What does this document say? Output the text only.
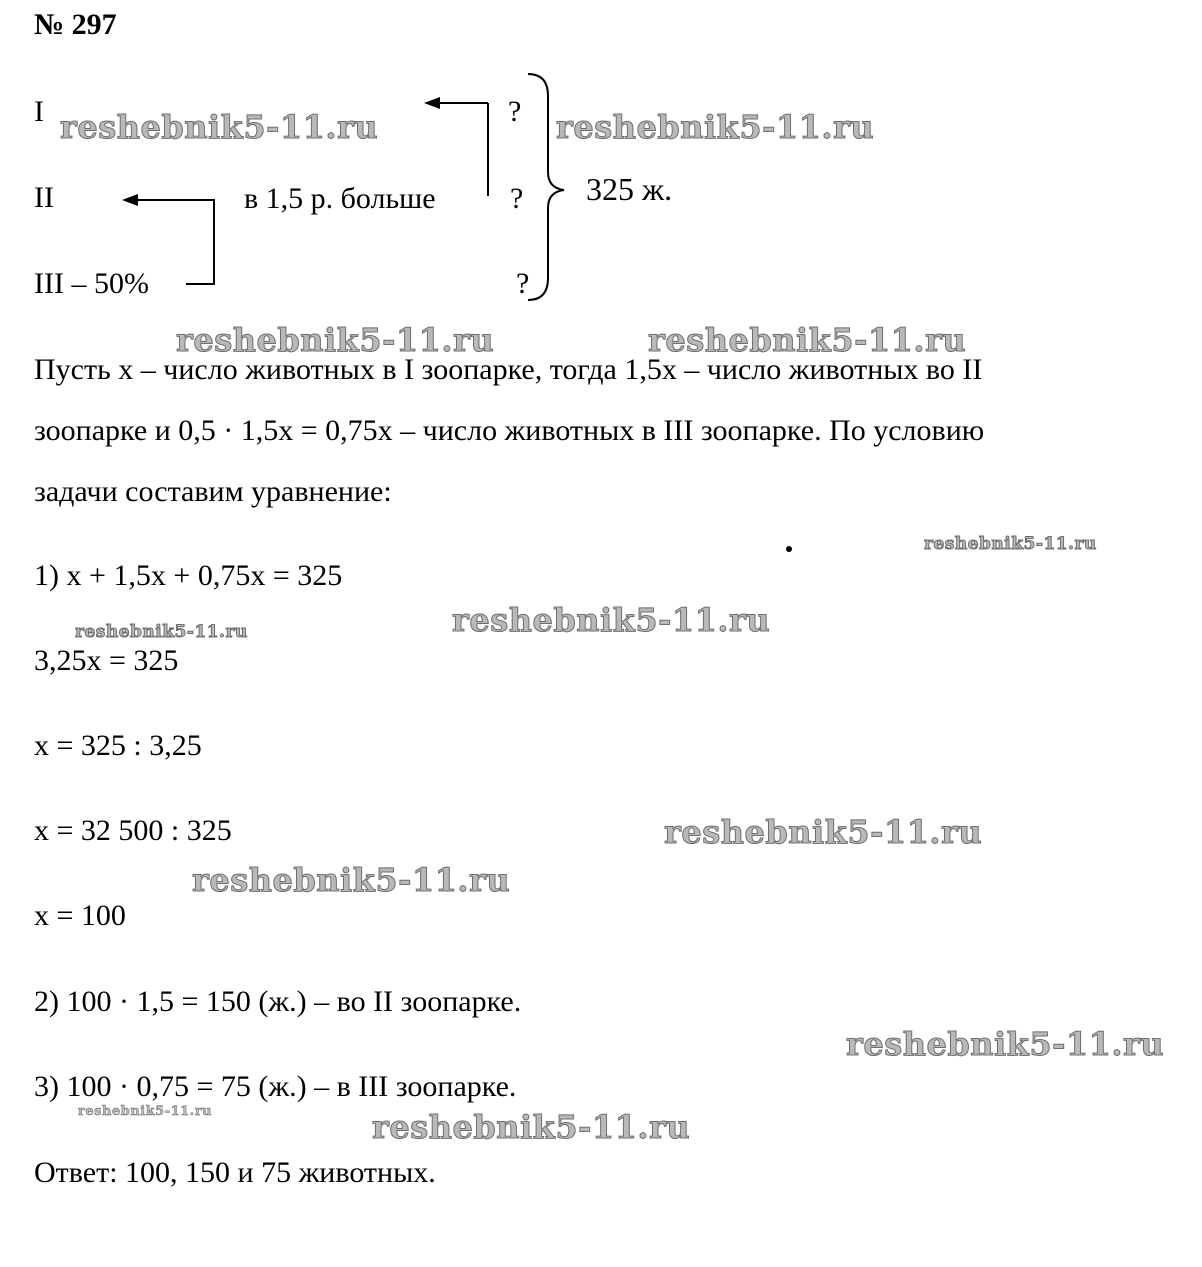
№ 297
I
II
III – 50%
в 1,5 р. больше
?
?
?
325 ж.
reshebnik5-11.ru	reshebnik5-11.ru
reshebnik5-11.ru	reshebnik5-11.ru
reshebnik5-11.ru
reshebnik5-11.ru
reshebnik5-11.ru
reshebnik5-11.ru
reshebnik5-11.ru
reshebnik5-11.ru
reshebnik5-11.ru	reshebnik5-11.ru
Пусть x – число животных в I зоопарке, тогда 1,5x – число животных во II
зоопарке и 0,5 · 1,5x = 0,75x – число животных в III зоопарке. По условию
задачи составим уравнение:
1) x + 1,5x + 0,75x = 325
3,25x = 325
x = 325 : 3,25
x = 32 500 : 325
x = 100
2) 100 · 1,5 = 150 (ж.) – во II зоопарке.
3) 100 · 0,75 = 75 (ж.) – в III зоопарке.
Ответ: 100, 150 и 75 животных.
